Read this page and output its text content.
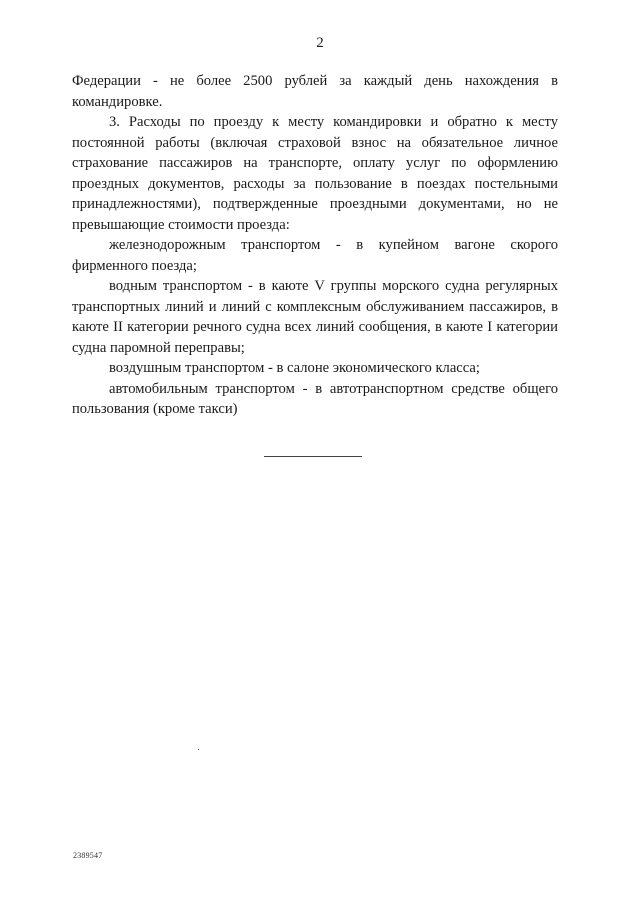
2

Федерации - не более 2500 рублей за каждый день нахождения в командировке.

3. Расходы по проезду к месту командировки и обратно к месту постоянной работы (включая страховой взнос на обязательное личное страхование пассажиров на транспорте, оплату услуг по оформлению проездных документов, расходы за пользование в поездах постельными принадлежностями), подтвержденные проездными документами, но не превышающие стоимости проезда:

железнодорожным транспортом - в купейном вагоне скорого фирменного поезда;

водным транспортом - в каюте V группы морского судна регулярных транспортных линий и линий с комплексным обслуживанием пассажиров, в каюте II категории речного судна всех линий сообщения, в каюте I категории судна паромной переправы;

воздушным транспортом - в салоне экономического класса;

автомобильным транспортом - в автотранспортном средстве общего пользования (кроме такси)

2389547
